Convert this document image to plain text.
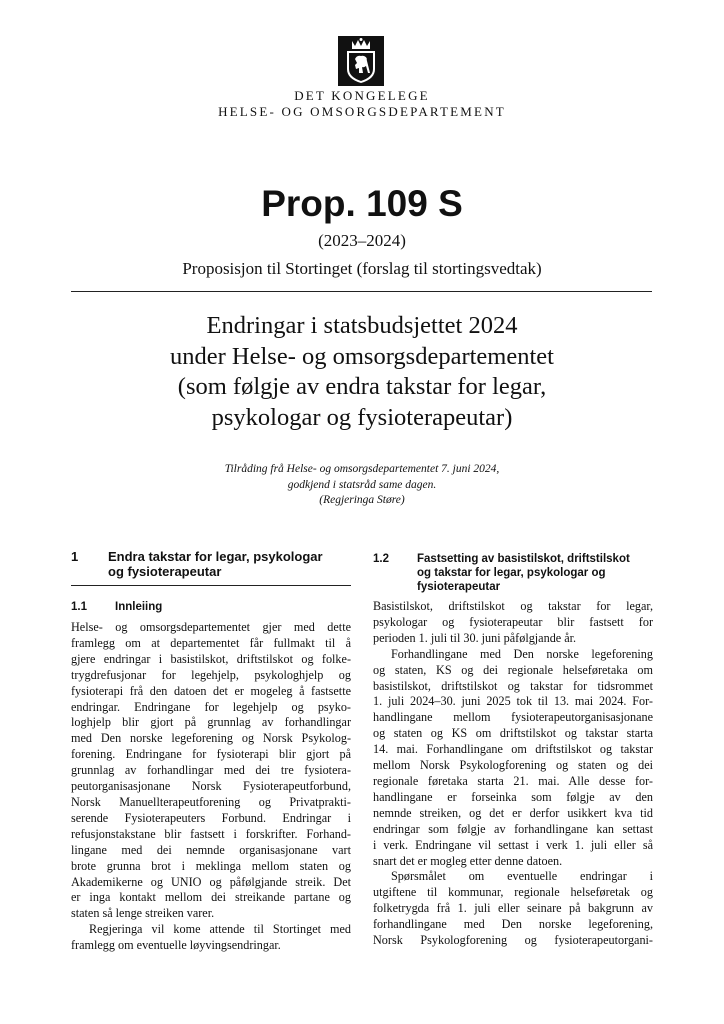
DET KONGELEGE
HELSE- OG OMSORGSDEPARTEMENT
Prop. 109 S
(2023–2024)
Proposisjon til Stortinget (forslag til stortingsvedtak)
Endringar i statsbudsjettet 2024
under Helse- og omsorgsdepartementet
(som følgje av endra takstar for legar,
psykologar og fysioterapeutar)
Tilråding frå Helse- og omsorgsdepartementet 7. juni 2024,
godkjend i statsråd same dagen.
(Regjeringa Støre)
1 Endra takstar for legar, psykologar
og fysioterapeutar
1.1 Innleiing
Helse- og omsorgsdepartementet gjer med dette
framlegg om at departementet får fullmakt til å
gjere endringar i basistilskot, driftstilskot og folke-
trygdrefusjonar for legehjelp, psykologhjelp og
fysioterapi frå den datoen det er mogeleg å fastsette
endringar. Endringane for legehjelp og psyko-
loghjelp blir gjort på grunnlag av forhandlingar
med Den norske legeforening og Norsk Psykolog-
forening. Endringane for fysioterapi blir gjort på
grunnlag av forhandlingar med dei tre fysiotera-
peutorganisasjonane Norsk Fysioterapeutforbund,
Norsk Manuellterapeutforening og Privatprakti-
serende Fysioterapeuters Forbund. Endringar i
refusjonstakstane blir fastsett i forskrifter. Forhand-
lingane med dei nemnde organisasjonane vart
brote grunna brot i meklinga mellom staten og
Akademikerne og UNIO og påfølgjande streik. Det
er inga kontakt mellom dei streikande partane og
staten så lenge streiken varer.
Regjeringa vil kome attende til Stortinget med
framlegg om eventuelle løyvingsendringar.
1.2 Fastsetting av basistilskot, driftstilskot
og takstar for legar, psykologar og
fysioterapeutar
Basistilskot, driftstilskot og takstar for legar,
psykologar og fysioterapeutar blir fastsett for
perioden 1. juli til 30. juni påfølgjande år.
Forhandlingane med Den norske legeforening
og staten, KS og dei regionale helseføretaka om
basistilskot, driftstilskot og takstar for tidsrommet
1. juli 2024–30. juni 2025 tok til 13. mai 2024. For-
handlingane mellom fysioterapeutorganisasjonane
og staten og KS om driftstilskot og takstar starta
14. mai. Forhandlingane om driftstilskot og takstar
mellom Norsk Psykologforening og staten og dei
regionale føretaka starta 21. mai. Alle desse for-
handlingane er forseinka som følgje av den
nemnde streiken, og det er derfor usikkert kva tid
endringar som følgje av forhandlingane kan settast
i verk. Endringane vil settast i verk 1. juli eller så
snart det er mogleg etter denne datoen.
Spørsmålet om eventuelle endringar i
utgiftene til kommunar, regionale helseføretak og
folketrygda frå 1. juli eller seinare på bakgrunn av
forhandlingane med Den norske legeforening,
Norsk Psykologforening og fysioterapeutorgani-
